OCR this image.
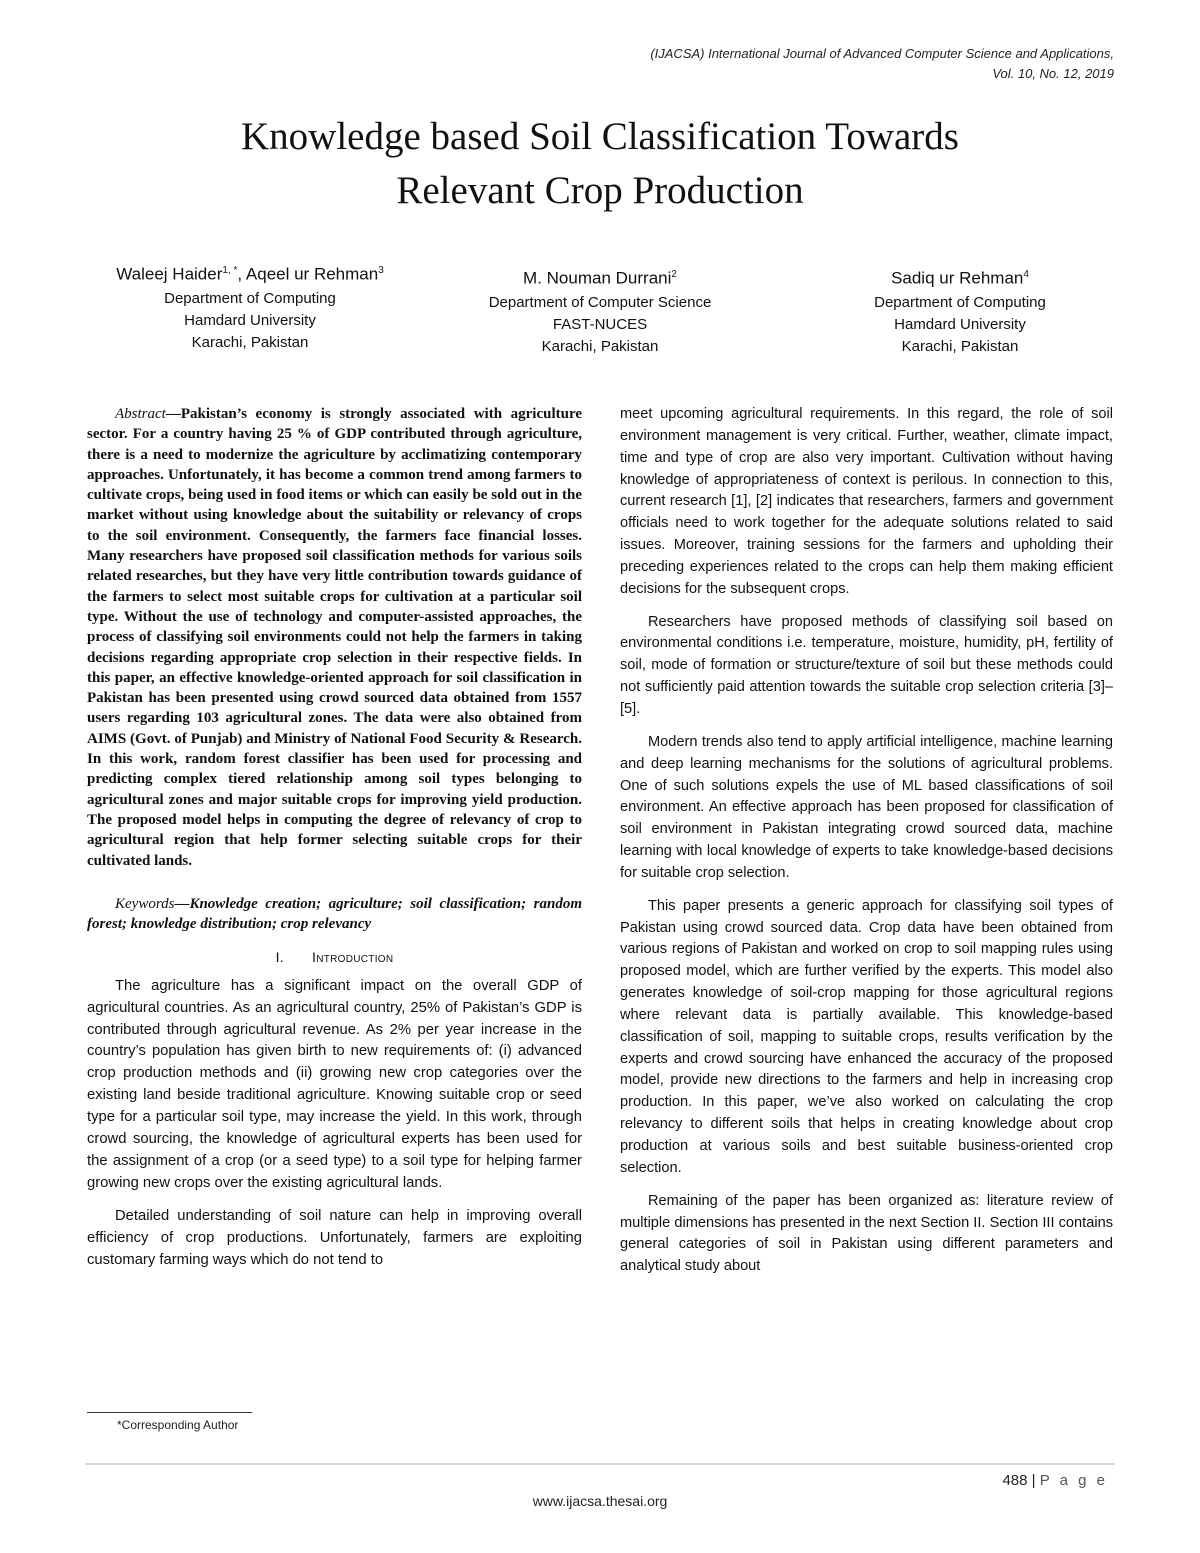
(IJACSA) International Journal of Advanced Computer Science and Applications,
Vol. 10, No. 12, 2019
Knowledge based Soil Classification Towards
Relevant Crop Production
Waleej Haider$^{1, *}$, Aqeel ur Rehman$^3$
Department of Computing
Hamdard University
Karachi, Pakistan
M. Nouman Durrani$^2$
Department of Computer Science
FAST-NUCES
Karachi, Pakistan
Sadiq ur Rehman$^4$
Department of Computing
Hamdard University
Karachi, Pakistan

Abstract—Pakistan’s economy is strongly associated with agriculture sector. For a country having 25 % of GDP contributed through agriculture, there is a need to modernize the agriculture by acclimatizing contemporary approaches. Unfortunately, it has become a common trend among farmers to cultivate crops, being used in food items or which can easily be sold out in the market without using knowledge about the suitability or relevancy of crops to the soil environment. Consequently, the farmers face financial losses. Many researchers have proposed soil classification methods for various soils related researches, but they have very little contribution towards guidance of the farmers to select most suitable crops for cultivation at a particular soil type. Without the use of technology and computer-assisted approaches, the process of classifying soil environments could not help the farmers in taking decisions regarding appropriate crop selection in their respective fields. In this paper, an effective knowledge-oriented approach for soil classification in Pakistan has been presented using crowd sourced data obtained from 1557 users regarding 103 agricultural zones. The data were also obtained from AIMS (Govt. of Punjab) and Ministry of National Food Security & Research. In this work, random forest classifier has been used for processing and predicting complex tiered relationship among soil types belonging to agricultural zones and major suitable crops for improving yield production. The proposed model helps in computing the degree of relevancy of crop to agricultural region that help former selecting suitable crops for their cultivated lands.

Keywords—Knowledge creation; agriculture; soil classification; random forest; knowledge distribution; crop relevancy

I. Introduction

The agriculture has a significant impact on the overall GDP of agricultural countries. As an agricultural country, 25% of Pakistan’s GDP is contributed through agricultural revenue. As 2% per year increase in the country’s population has given birth to new requirements of: (i) advanced crop production methods and (ii) growing new crop categories over the existing land beside traditional agriculture. Knowing suitable crop or seed type for a particular soil type, may increase the yield. In this work, through crowd sourcing, the knowledge of agricultural experts has been used for the assignment of a crop (or a seed type) to a soil type for helping farmer growing new crops over the existing agricultural lands.

Detailed understanding of soil nature can help in improving overall efficiency of crop productions. Unfortunately, farmers are exploiting customary farming ways which do not tend to

meet upcoming agricultural requirements. In this regard, the role of soil environment management is very critical. Further, weather, climate impact, time and type of crop are also very important. Cultivation without having knowledge of appropriateness of context is perilous. In connection to this, current research [1], [2] indicates that researchers, farmers and government officials need to work together for the adequate solutions related to said issues. Moreover, training sessions for the farmers and upholding their preceding experiences related to the crops can help them making efficient decisions for the subsequent crops.

Researchers have proposed methods of classifying soil based on environmental conditions i.e. temperature, moisture, humidity, pH, fertility of soil, mode of formation or structure/texture of soil but these methods could not sufficiently paid attention towards the suitable crop selection criteria [3]–[5].

Modern trends also tend to apply artificial intelligence, machine learning and deep learning mechanisms for the solutions of agricultural problems. One of such solutions expels the use of ML based classifications of soil environment. An effective approach has been proposed for classification of soil environment in Pakistan integrating crowd sourced data, machine learning with local knowledge of experts to take knowledge-based decisions for suitable crop selection.

This paper presents a generic approach for classifying soil types of Pakistan using crowd sourced data. Crop data have been obtained from various regions of Pakistan and worked on crop to soil mapping rules using proposed model, which are further verified by the experts. This model also generates knowledge of soil-crop mapping for those agricultural regions where relevant data is partially available. This knowledge-based classification of soil, mapping to suitable crops, results verification by the experts and crowd sourcing have enhanced the accuracy of the proposed model, provide new directions to the farmers and help in increasing crop production. In this paper, we’ve also worked on calculating the crop relevancy to different soils that helps in creating knowledge about crop production at various soils and best suitable business-oriented crop selection.

Remaining of the paper has been organized as: literature review of multiple dimensions has presented in the next Section II. Section III contains general categories of soil in Pakistan using different parameters and analytical study about

*Corresponding Author
488 | P a g e
www.ijacsa.thesai.org
